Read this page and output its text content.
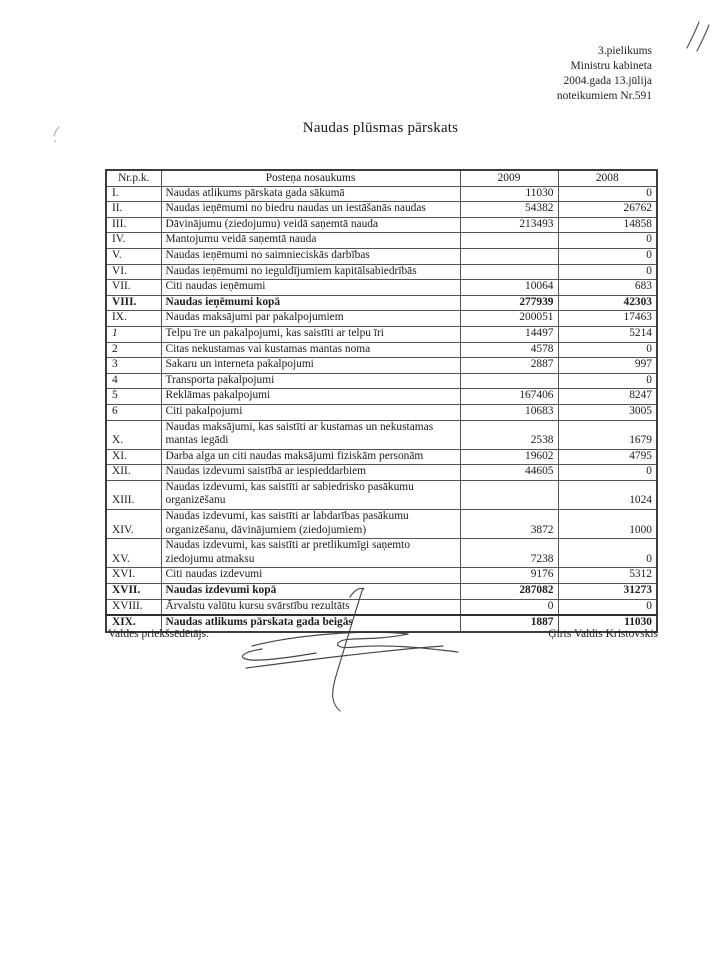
3.pielikums
Ministru kabineta
2004.gada 13.jūlija
noteikumiem Nr.591
Naudas plūsmas pārskats
Nr.p.k.	Posteņa nosaukums	2009	2008
I.	Naudas atlikums pārskata gada sākumā	11030	0
II.	Naudas ieņēmumi no biedru naudas un iestāšanās naudas	54382	26762
III.	Dāvinājumu (ziedojumu) veidā saņemtā nauda	213493	14858
IV.	Mantojumu veidā saņemtā nauda		0
V.	Naudas ieņēmumi no saimnieciskās darbības		0
VI.	Naudas ieņēmumi no ieguldījumiem kapitālsabiedrībās		0
VII.	Citi naudas ieņēmumi	10064	683
VIII.	Naudas ieņēmumi kopā	277939	42303
IX.	Naudas maksājumi par pakalpojumiem	200051	17463
1	Telpu īre un pakalpojumi, kas saistīti ar telpu īri	14497	5214
2	Citas nekustamas vai kustamas mantas noma	4578	0
3	Sakaru un interneta pakalpojumi	2887	997
4	Transporta pakalpojumi		0
5	Reklāmas pakalpojumi	167406	8247
6	Citi pakalpojumi	10683	3005
X.	Naudas maksājumi, kas saistīti ar kustamas un nekustamas mantas iegādi	2538	1679
XI.	Darba alga un citi naudas maksājumi fiziskām personām	19602	4795
XII.	Naudas izdevumi saistībā ar iespieddarbiem	44605	0
XIII.	Naudas izdevumi, kas saistīti ar sabiedrisko pasākumu organizēšanu		1024
XIV.	Naudas izdevumi, kas saistīti ar labdarības pasākumu organizēšanu, dāvinājumiem (ziedojumiem)	3872	1000
XV.	Naudas izdevumi, kas saistīti ar pretlikumīgi saņemto ziedojumu atmaksu	7238	0
XVI.	Citi naudas izdevumi	9176	5312
XVII.	Naudas izdevumi kopā	287082	31273
XVIII.	Ārvalstu valūtu kursu svārstību rezultāts	0	0
XIX.	Naudas atlikums pārskata gada beigās	1887	11030
Valdes priekšsēdētājs:	Ģirts Valdis Kristovskis
